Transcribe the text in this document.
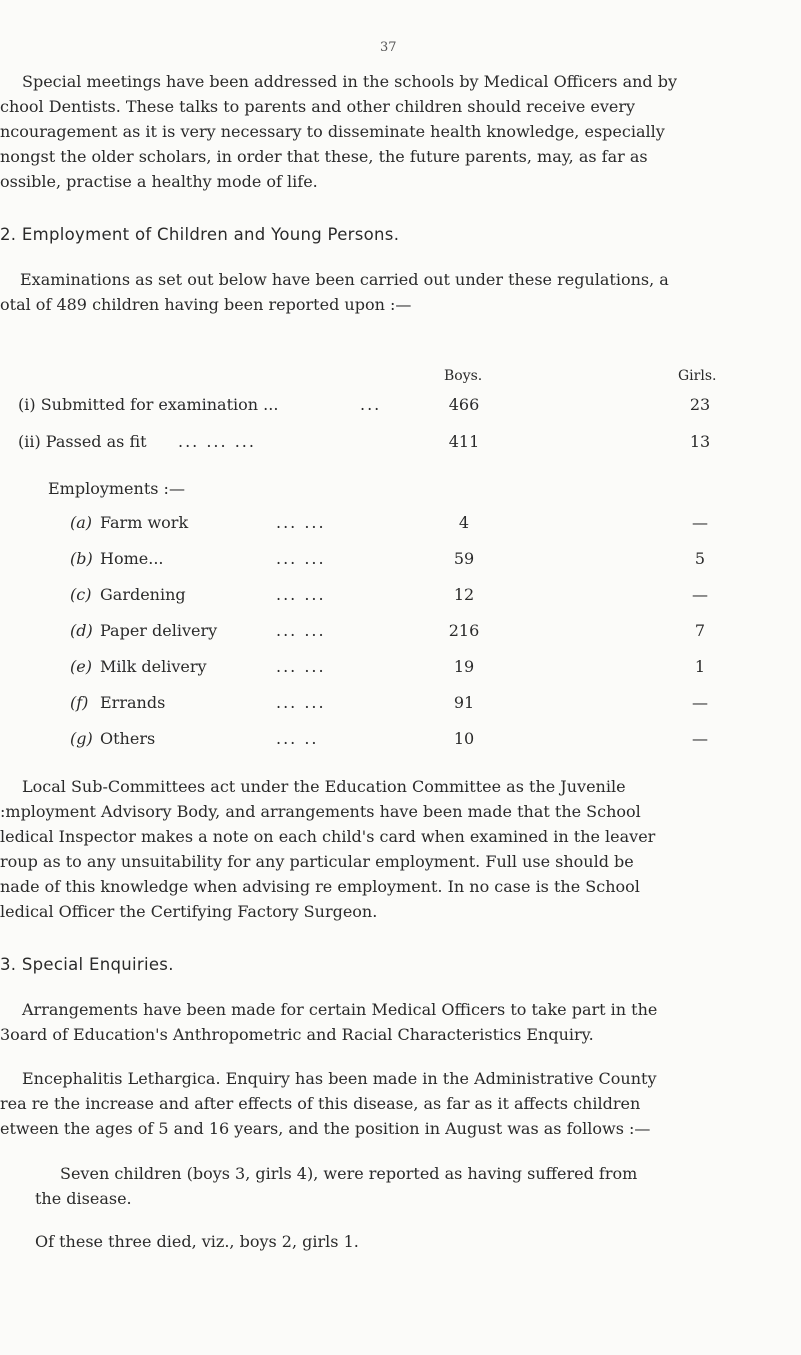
37
Special meetings have been addressed in the schools by Medical Officers and by
chool Dentists. These talks to parents and other children should receive every
ncouragement as it is very necessary to disseminate health knowledge, especially
nongst the older scholars, in order that these, the future parents, may, as far as
ossible, practise a healthy mode of life.
2. Employment of Children and Young Persons.
Examinations as set out below have been carried out under these regulations, a
otal of 489 children having been reported upon :—
Boys.	Girls.
(i) Submitted for examination ...	...	466	23
(ii) Passed as fit ... ... ...	411	13
Employments :—
(a) Farm work	... ...	4	—
(b) Home...	... ...	59	5
(c) Gardening	... ...	12	—
(d) Paper delivery	... ...	216	7
(e) Milk delivery	... ...	19	1
(f) Errands	... ...	91	—
(g) Others	... ..	10	—
Local Sub-Committees act under the Education Committee as the Juvenile
:mployment Advisory Body, and arrangements have been made that the School
ledical Inspector makes a note on each child's card when examined in the leaver
roup as to any unsuitability for any particular employment. Full use should be
nade of this knowledge when advising re employment. In no case is the School
ledical Officer the Certifying Factory Surgeon.
3. Special Enquiries.
Arrangements have been made for certain Medical Officers to take part in the
3oard of Education's Anthropometric and Racial Characteristics Enquiry.
Encephalitis Lethargica. Enquiry has been made in the Administrative County
rea re the increase and after effects of this disease, as far as it affects children
etween the ages of 5 and 16 years, and the position in August was as follows :—
Seven children (boys 3, girls 4), were reported as having suffered from
the disease.
Of these three died, viz., boys 2, girls 1.
